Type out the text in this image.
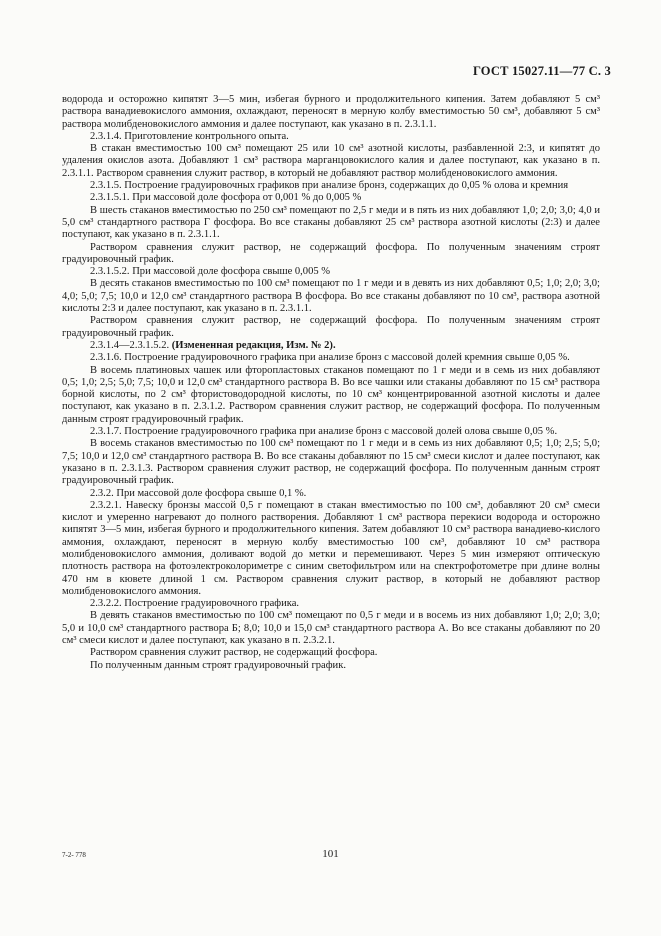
ГОСТ 15027.11—77 С. 3

водорода и осторожно кипятят 3—5 мин, избегая бурного и продолжительного кипения. Затем добавляют 5 см³ раствора ванадиевокислого аммония, охлаждают, переносят в мерную колбу вместимостью 50 см³, добавляют 5 см³ раствора молибденовокислого аммония и далее поступают, как указано в п. 2.3.1.1.

2.3.1.4. Приготовление контрольного опыта.

В стакан вместимостью 100 см³ помещают 25 или 10 см³ азотной кислоты, разбавленной 2:3, и кипятят до удаления окислов азота. Добавляют 1 см³ раствора марганцовокислого калия и далее поступают, как указано в п. 2.3.1.1. Раствором сравнения служит раствор, в который не добавляют раствор молибденовокислого аммония.

2.3.1.5. Построение градуировочных графиков при анализе бронз, содержащих до 0,05 % олова и кремния

2.3.1.5.1. При массовой доле фосфора от 0,001 % до 0,005 %

В шесть стаканов вместимостью по 250 см³ помещают по 2,5 г меди и в пять из них добавляют 1,0; 2,0; 3,0; 4,0 и 5,0 см³ стандартного раствора Г фосфора. Во все стаканы добавляют 25 см³ раствора азотной кислоты (2:3) и далее поступают, как указано в п. 2.3.1.1.

Раствором сравнения служит раствор, не содержащий фосфора. По полученным значениям строят градуировочный график.

2.3.1.5.2. При массовой доле фосфора свыше 0,005 %

В десять стаканов вместимостью по 100 см³ помещают по 1 г меди и в девять из них добавляют 0,5; 1,0; 2,0; 3,0; 4,0; 5,0; 7,5; 10,0 и 12,0 см³ стандартного раствора В фосфора. Во все стаканы добавляют по 10 см³, раствора азотной кислоты 2:3 и далее поступают, как указано в п. 2.3.1.1.

Раствором сравнения служит раствор, не содержащий фосфора. По полученным значениям строят градуировочный график.

2.3.1.4—2.3.1.5.2. (Измененная редакция, Изм. № 2).

2.3.1.6. Построение градуировочного графика при анализе бронз с массовой долей кремния свыше 0,05 %.

В восемь платиновых чашек или фторопластовых стаканов помещают по 1 г меди и в семь из них добавляют 0,5; 1,0; 2,5; 5,0; 7,5; 10,0 и 12,0 см³ стандартного раствора В. Во все чашки или стаканы добавляют по 15 см³ раствора борной кислоты, по 2 см³ фтористоводородной кислоты, по 10 см³ концентрированной азотной кислоты и далее поступают, как указано в п. 2.3.1.2. Раствором сравнения служит раствор, не содержащий фосфора. По полученным данным строят градуировочный график.

2.3.1.7. Построение градуировочного графика при анализе бронз с массовой долей олова свыше 0,05 %.

В восемь стаканов вместимостью по 100 см³ помещают по 1 г меди и в семь из них добавляют 0,5; 1,0; 2,5; 5,0; 7,5; 10,0 и 12,0 см³ стандартного раствора В. Во все стаканы добавляют по 15 см³ смеси кислот и далее поступают, как указано в п. 2.3.1.3. Раствором сравнения служит раствор, не содержащий фосфора. По полученным данным строят градуировочный график.

2.3.2. При массовой доле фосфора свыше 0,1 %.

2.3.2.1. Навеску бронзы массой 0,5 г помещают в стакан вместимостью по 100 см³, добавляют 20 см³ смеси кислот и умеренно нагревают до полного растворения. Добавляют 1 см³ раствора перекиси водорода и осторожно кипятят 3—5 мин, избегая бурного и продолжительного кипения. Затем добавляют 10 см³ раствора ванадиево-кислого аммония, охлаждают, переносят в мерную колбу вместимостью 100 см³, добавляют 10 см³ раствора молибденовокислого аммония, доливают водой до метки и перемешивают. Через 5 мин измеряют оптическую плотность раствора на фотоэлектроколориметре с синим светофильтром или на спектрофотометре при длине волны 470 нм в кювете длиной 1 см. Раствором сравнения служит раствор, в который не добавляют раствор молибденовокислого аммония.

2.3.2.2. Построение градуировочного графика.

В девять стаканов вместимостью по 100 см³ помещают по 0,5 г меди и в восемь из них добавляют 1,0; 2,0; 3,0; 5,0 и 10,0 см³ стандартного раствора Б; 8,0; 10,0 и 15,0 см³ стандартного раствора А. Во все стаканы добавляют по 20 см³ смеси кислот и далее поступают, как указано в п. 2.3.2.1.

Раствором сравнения служит раствор, не содержащий фосфора.

По полученным данным строят градуировочный график.

7-2- 778	101
